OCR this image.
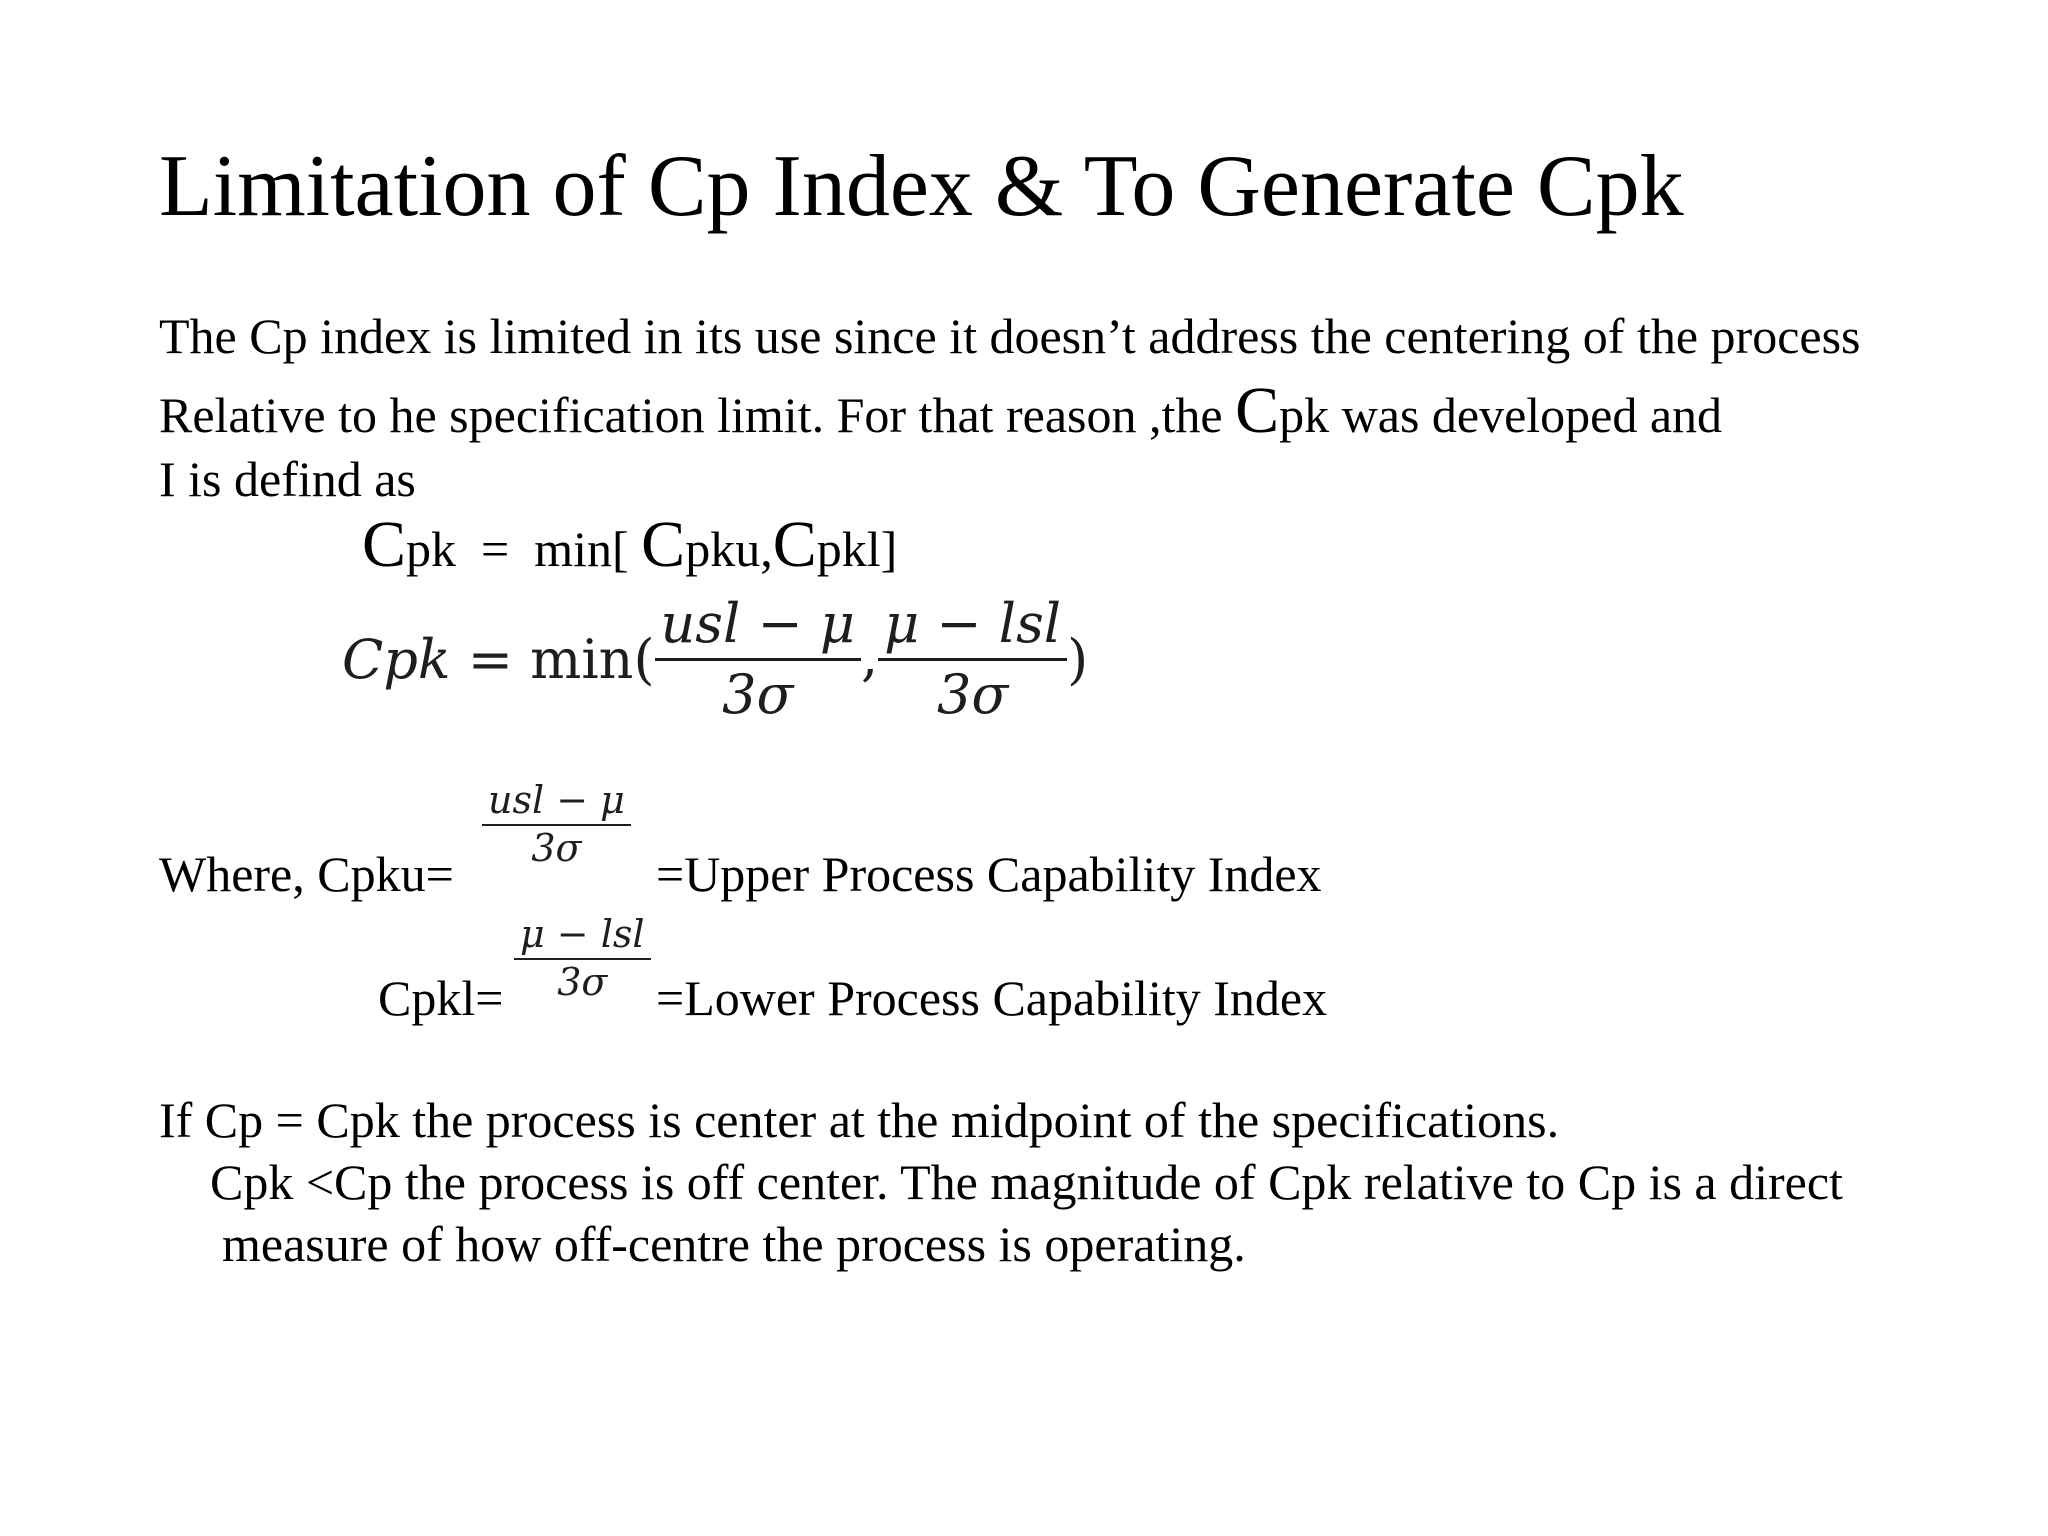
Limitation of Cp Index & To Generate Cpk
The Cp index is limited in its use since it doesn’t address the centering of the process
Relative to he specification limit. For that reason ,the Cpk was developed and
I is defind as
Cpk  =  min[ Cpku,Cpkl]
Cpk = $\min( \frac{\text{usl − μ}}{3\sigma}$ , $\frac{\text{μ − lsl}}{3\sigma}$ )
Where, Cpku=
$\frac{\text{usl − μ}}{3\sigma}$
=Upper Process Capability Index
Cpkl= $\frac{\text{μ − lsl}}{3\sigma}$ =Lower Process Capability Index
If Cp = Cpk the process is center at the midpoint of the specifications.
Cpk <Cp the process is off center. The magnitude of Cpk relative to Cp is a direct
measure of how off-centre the process is operating.
